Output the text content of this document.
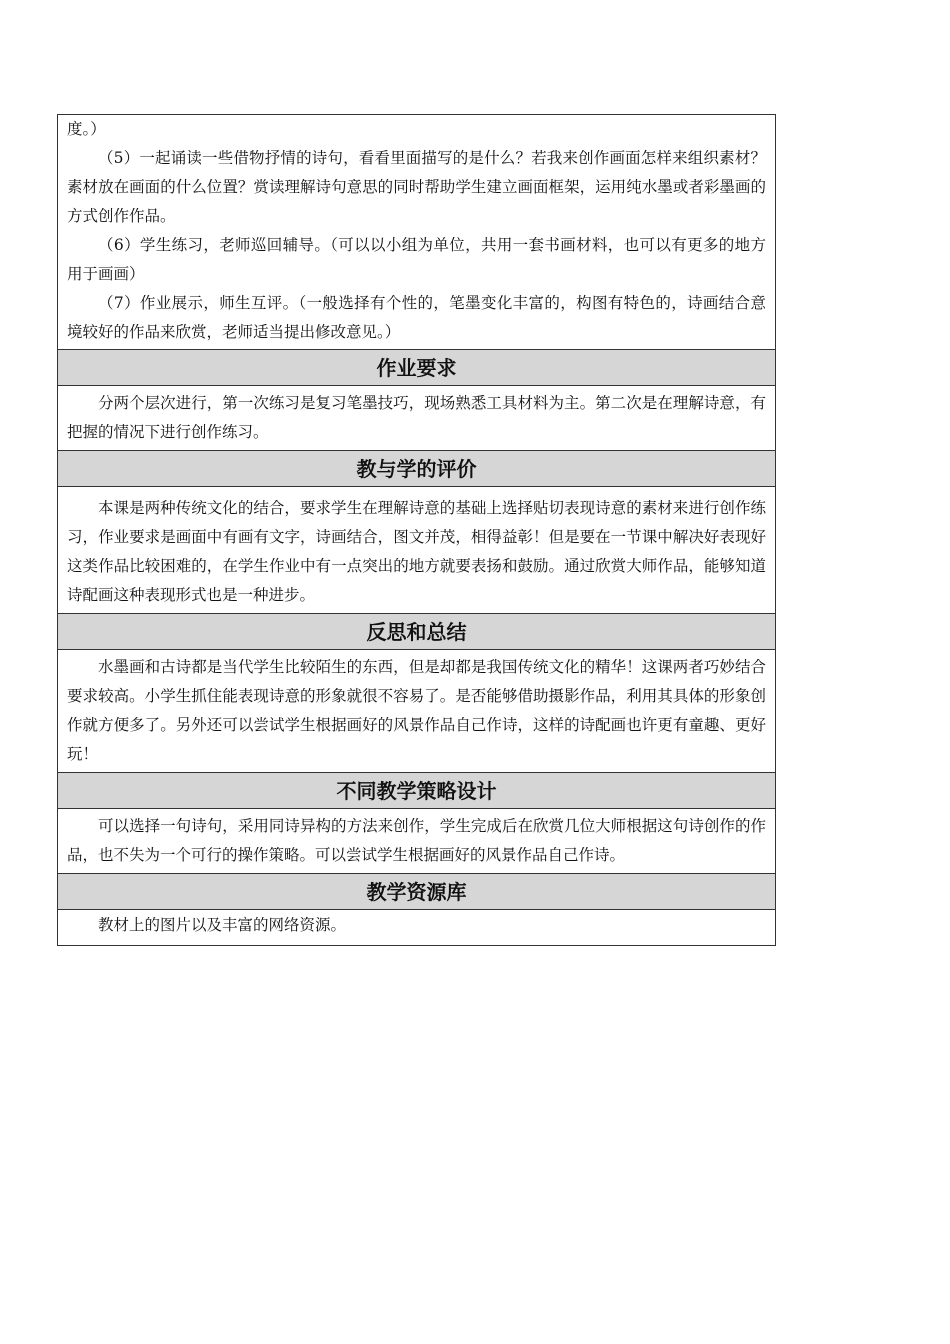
度。）

（5）一起诵读一些借物抒情的诗句，看看里面描写的是什么？若我来创作画面怎样来组织素材？素材放在画面的什么位置？赏读理解诗句意思的同时帮助学生建立画面框架，运用纯水墨或者彩墨画的方式创作作品。

（6）学生练习，老师巡回辅导。（可以以小组为单位，共用一套书画材料，也可以有更多的地方用于画画）

（7）作业展示，师生互评。（一般选择有个性的，笔墨变化丰富的，构图有特色的，诗画结合意境较好的作品来欣赏，老师适当提出修改意见。）

作业要求

分两个层次进行，第一次练习是复习笔墨技巧，现场熟悉工具材料为主。第二次是在理解诗意，有把握的情况下进行创作练习。

教与学的评价

本课是两种传统文化的结合，要求学生在理解诗意的基础上选择贴切表现诗意的素材来进行创作练习，作业要求是画面中有画有文字，诗画结合，图文并茂，相得益彰！但是要在一节课中解决好表现好这类作品比较困难的，在学生作业中有一点突出的地方就要表扬和鼓励。通过欣赏大师作品，能够知道诗配画这种表现形式也是一种进步。

反思和总结

水墨画和古诗都是当代学生比较陌生的东西，但是却都是我国传统文化的精华！这课两者巧妙结合要求较高。小学生抓住能表现诗意的形象就很不容易了。是否能够借助摄影作品，利用其具体的形象创作就方便多了。另外还可以尝试学生根据画好的风景作品自己作诗，这样的诗配画也许更有童趣、更好玩！

不同教学策略设计

可以选择一句诗句，采用同诗异构的方法来创作，学生完成后在欣赏几位大师根据这句诗创作的作品，也不失为一个可行的操作策略。可以尝试学生根据画好的风景作品自己作诗。

教学资源库

教材上的图片以及丰富的网络资源。
